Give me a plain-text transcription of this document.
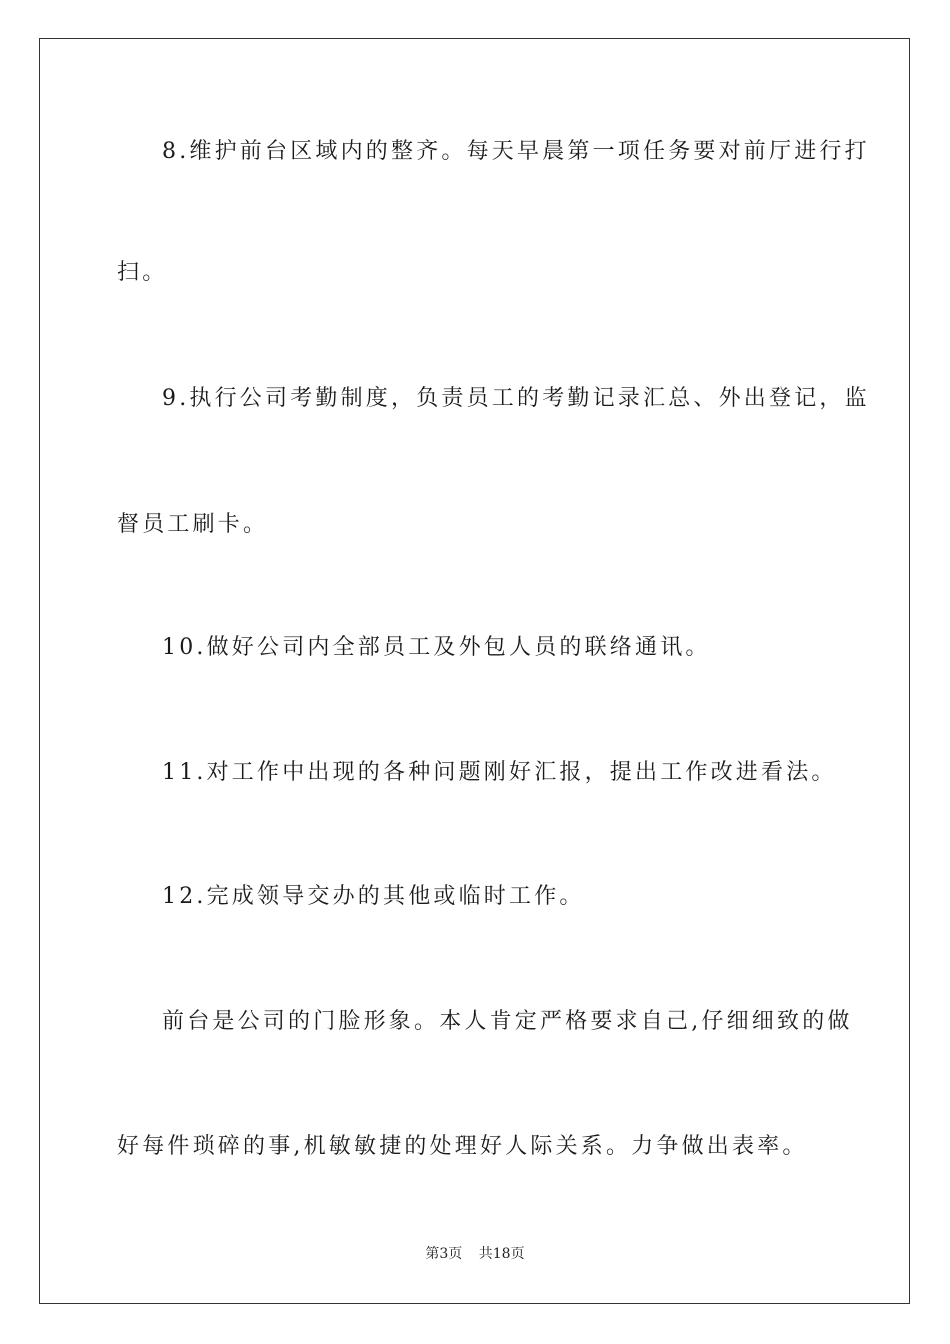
8.维护前台区域内的整齐。每天早晨第一项任务要对前厅进行打
扫。
9.执行公司考勤制度，负责员工的考勤记录汇总、外出登记，监
督员工刷卡。
10.做好公司内全部员工及外包人员的联络通讯。
11.对工作中出现的各种问题刚好汇报，提出工作改进看法。
12.完成领导交办的其他或临时工作。
前台是公司的门脸形象。本人肯定严格要求自己,仔细细致的做
好每件琐碎的事,机敏敏捷的处理好人际关系。力争做出表率。
第3页 共18页
